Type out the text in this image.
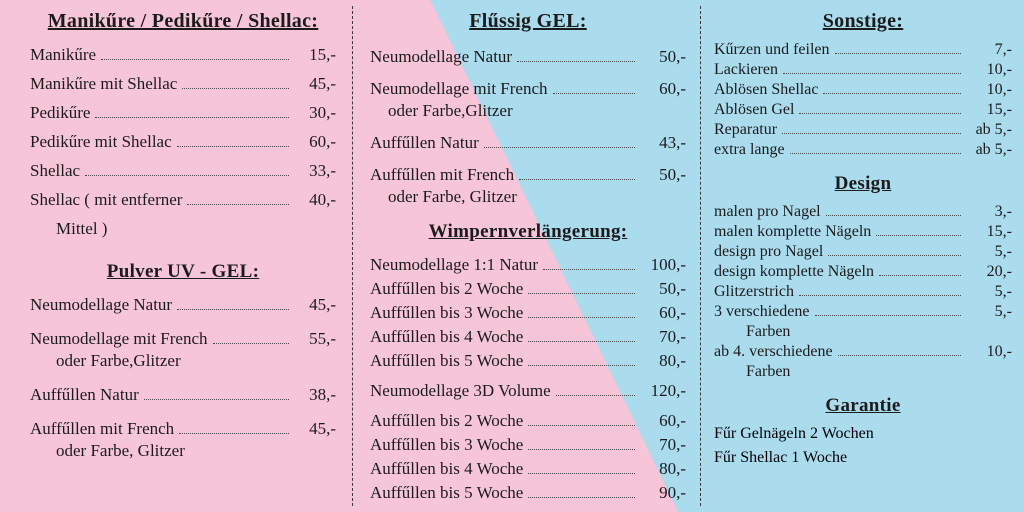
Manikűre / Pedikűre / Shellac:
Manikűre	15,-
Manikűre mit Shellac	45,-
Pedikűre	30,-
Pedikűre mit Shellac	60,-
Shellac	33,-
Shellac ( mit entferner	40,-
Mittel )
Pulver UV - GEL:
Neumodellage Natur	45,-
Neumodellage mit French	55,-
oder Farbe,Glitzer
Auffűllen Natur	38,-
Auffűllen mit French	45,-
oder Farbe, Glitzer
Flűssig GEL:
Neumodellage Natur	50,-
Neumodellage mit French	60,-
oder Farbe,Glitzer
Auffűllen Natur	43,-
Auffűllen mit French	50,-
oder Farbe, Glitzer
Wimpernverlängerung:
Neumodellage 1:1 Natur	100,-
Auffűllen bis 2 Woche	50,-
Auffűllen bis 3 Woche	60,-
Auffűllen bis 4 Woche	70,-
Auffűllen bis 5 Woche	80,-
Neumodellage 3D Volume	120,-
Auffűllen bis 2 Woche	60,-
Auffűllen bis 3 Woche	70,-
Auffűllen bis 4 Woche	80,-
Auffűllen bis 5 Woche	90,-
Sonstige:
Kűrzen und feilen	7,-
Lackieren	10,-
Ablösen Shellac	10,-
Ablösen Gel	15,-
Reparatur	ab 5,-
extra lange	ab 5,-
Design
malen pro Nagel	3,-
malen komplette Nägeln	15,-
design pro Nagel	5,-
design komplette Nägeln	20,-
Glitzerstrich	5,-
3 verschiedene	5,-
Farben
ab 4. verschiedene	10,-
Farben
Garantie
Fűr Gelnägeln 2 Wochen
Fűr Shellac 1 Woche
